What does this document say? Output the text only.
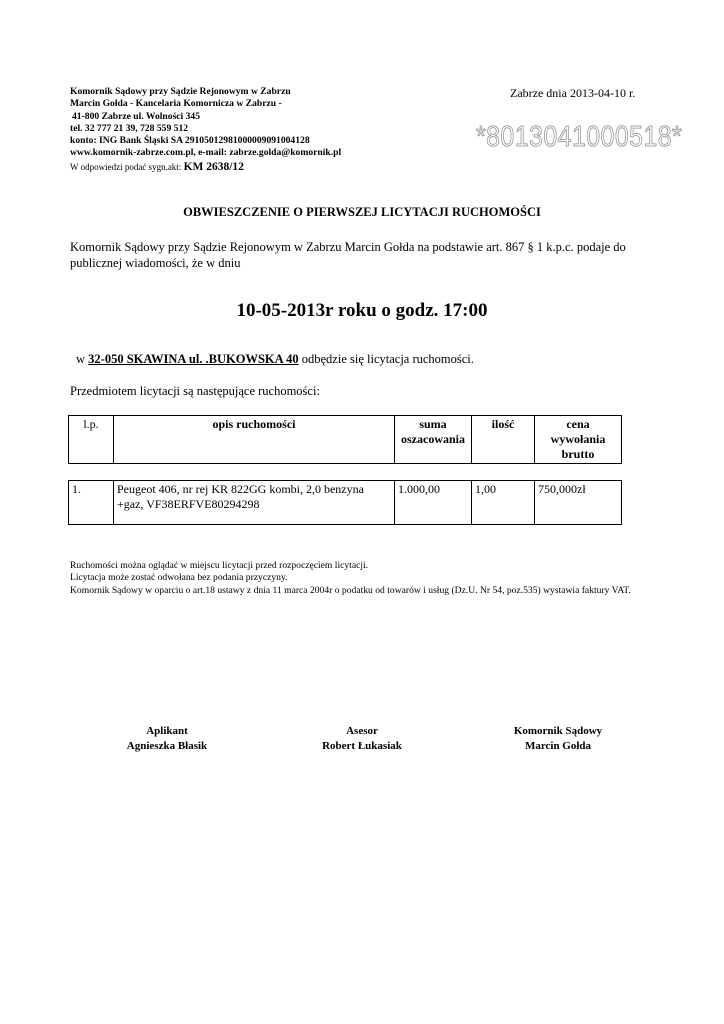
Komornik Sądowy przy Sądzie Rejonowym w Zabrzu
Marcin Gołda - Kancelaria Komornicza w Zabrzu -
41-800 Zabrze ul. Wolności 345
tel. 32 777 21 39, 728 559 512
konto: ING Bank Śląski SA 29105012981000009091004128
www.komornik-zabrze.com.pl, e-mail: zabrze.golda@komornik.pl
W odpowiedzi podać sygn.akt: KM 2638/12
Zabrze dnia 2013-04-10 r.
*8013041000518*
OBWIESZCZENIE O PIERWSZEJ LICYTACJI RUCHOMOŚCI
Komornik Sądowy przy Sądzie Rejonowym w Zabrzu Marcin Gołda na podstawie art. 867 § 1 k.p.c. podaje do publicznej wiadomości, że w dniu
10-05-2013r roku o godz. 17:00
w 32-050 SKAWINA ul. .BUKOWSKA 40 odbędzie się licytacja ruchomości.
Przedmiotem licytacji są następujące ruchomości:
l.p.	opis ruchomości	suma oszacowania	ilość	cena wywołania brutto
1.	Peugeot 406, nr rej KR 822GG kombi, 2,0 benzyna +gaz, VF38ERFVE80294298	1.000,00	1,00	750,000zł
Ruchomości można oglądać w miejscu licytacji przed rozpoczęciem licytacji.
Licytacja może zostać odwołana bez podania przyczyny.
Komornik Sądowy w oparciu o art.18 ustawy z dnia 11 marca 2004r o podatku od towarów i usług (Dz.U. Nr 54, poz.535) wystawia faktury VAT.
Aplikant
Agnieszka Błasik
Asesor
Robert Łukasiak
Komornik Sądowy
Marcin Gołda
